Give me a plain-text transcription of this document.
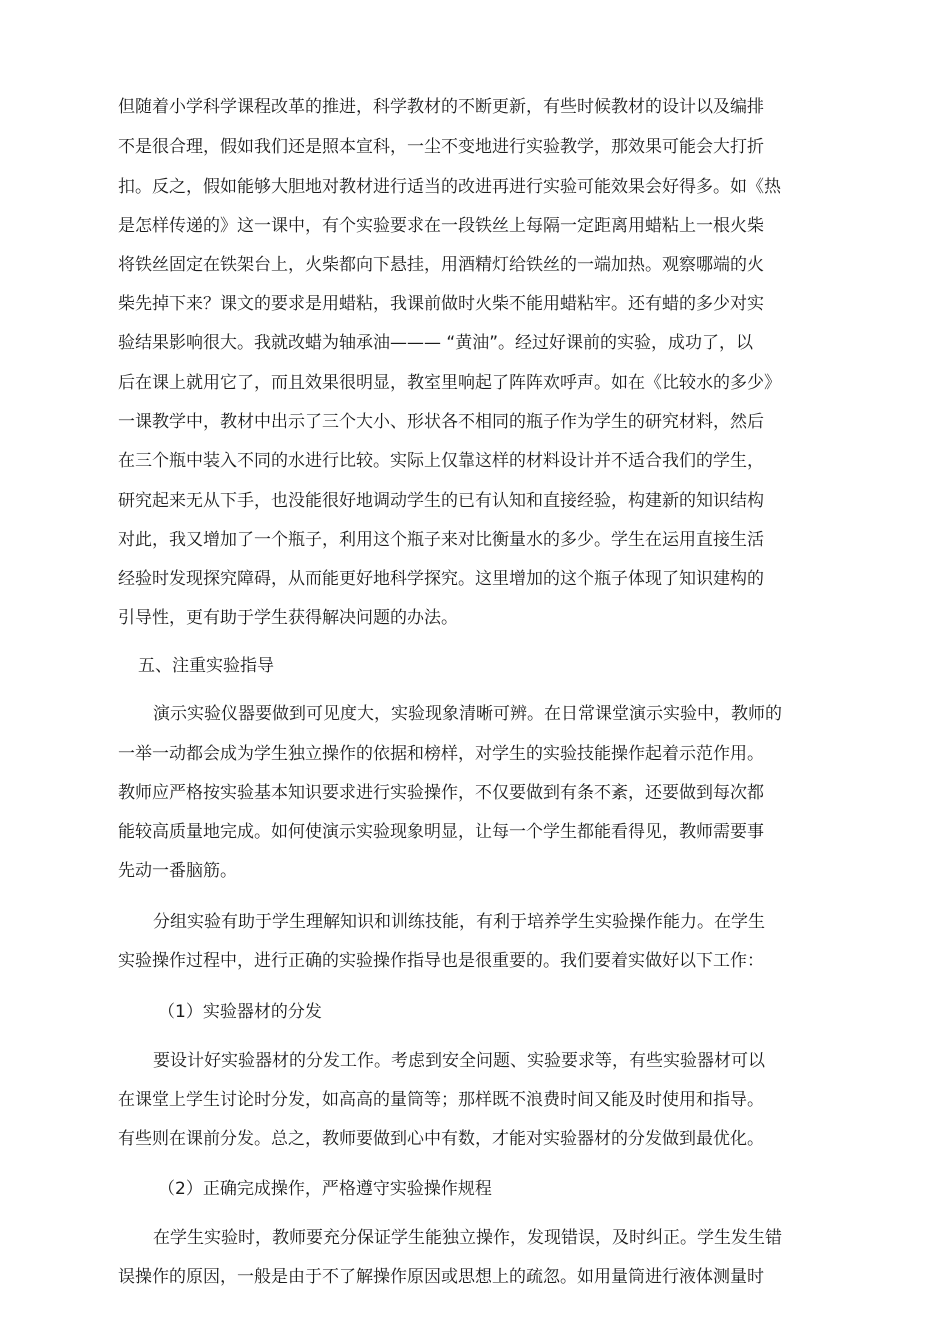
但随着小学科学课程改革的推进，科学教材的不断更新，有些时候教材的设计以及编排
不是很合理，假如我们还是照本宣科，一尘不变地进行实验教学，那效果可能会大打折
扣。反之，假如能够大胆地对教材进行适当的改进再进行实验可能效果会好得多。如《热
是怎样传递的》这一课中，有个实验要求在一段铁丝上每隔一定距离用蜡粘上一根火柴
将铁丝固定在铁架台上，火柴都向下悬挂，用酒精灯给铁丝的一端加热。观察哪端的火
柴先掉下来？课文的要求是用蜡粘，我课前做时火柴不能用蜡粘牢。还有蜡的多少对实
验结果影响很大。我就改蜡为轴承油——— “黄油”。经过好课前的实验，成功了，以
后在课上就用它了，而且效果很明显，教室里响起了阵阵欢呼声。如在《比较水的多少》
一课教学中，教材中出示了三个大小、形状各不相同的瓶子作为学生的研究材料，然后
在三个瓶中装入不同的水进行比较。实际上仅靠这样的材料设计并不适合我们的学生，
研究起来无从下手，也没能很好地调动学生的已有认知和直接经验，构建新的知识结构
对此，我又增加了一个瓶子，利用这个瓶子来对比衡量水的多少。学生在运用直接生活
经验时发现探究障碍，从而能更好地科学探究。这里增加的这个瓶子体现了知识建构的
引导性，更有助于学生获得解决问题的办法。
五、注重实验指导
演示实验仪器要做到可见度大，实验现象清晰可辨。在日常课堂演示实验中，教师的
一举一动都会成为学生独立操作的依据和榜样，对学生的实验技能操作起着示范作用。
教师应严格按实验基本知识要求进行实验操作，不仅要做到有条不紊，还要做到每次都
能较高质量地完成。如何使演示实验现象明显，让每一个学生都能看得见，教师需要事
先动一番脑筋。
分组实验有助于学生理解知识和训练技能，有利于培养学生实验操作能力。在学生
实验操作过程中，进行正确的实验操作指导也是很重要的。我们要着实做好以下工作：
（1）实验器材的分发
要设计好实验器材的分发工作。考虑到安全问题、实验要求等，有些实验器材可以
在课堂上学生讨论时分发，如高高的量筒等；那样既不浪费时间又能及时使用和指导。
有些则在课前分发。总之，教师要做到心中有数，才能对实验器材的分发做到最优化。
（2）正确完成操作，严格遵守实验操作规程
在学生实验时，教师要充分保证学生能独立操作，发现错误，及时纠正。学生发生错
误操作的原因，一般是由于不了解操作原因或思想上的疏忽。如用量筒进行液体测量时
